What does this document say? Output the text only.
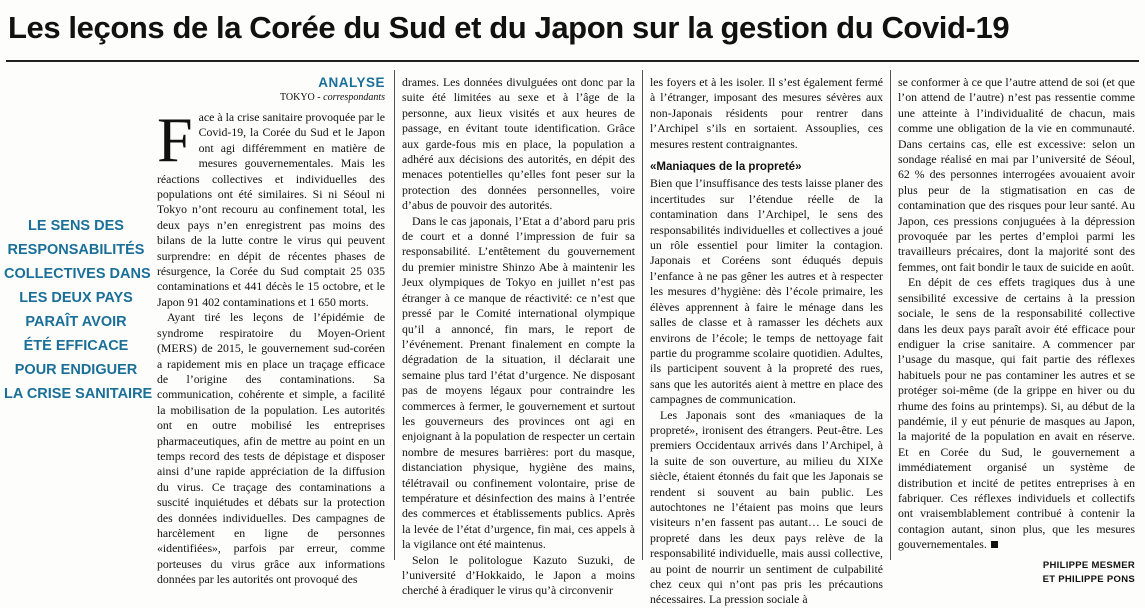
Les leçons de la Corée du Sud et du Japon sur la gestion du Covid-19
LE SENS DES
RESPONSABILITÉS
COLLECTIVES DANS
LES DEUX PAYS
PARAÎT AVOIR
ÉTÉ EFFICACE
POUR ENDIGUER
LA CRISE SANITAIRE
ANALYSE
TOKYO - correspondants

Face à la crise sanitaire provoquée par le Covid-19, la Corée du Sud et le Japon ont agi différemment en matière de mesures gouvernementales. Mais les réactions collectives et individuelles des populations ont été similaires. Si ni Séoul ni Tokyo n’ont recouru au confinement total, les deux pays n’en enregistrent pas moins des bilans de la lutte contre le virus qui peuvent surprendre: en dépit de récentes phases de résurgence, la Corée du Sud comptait 25 035 contaminations et 441 décès le 15 octobre, et le Japon 91 402 contaminations et 1 650 morts.

Ayant tiré les leçons de l’épidémie de syndrome respiratoire du Moyen-Orient (MERS) de 2015, le gouvernement sud-coréen a rapidement mis en place un traçage efficace de l’origine des contaminations. Sa communication, cohérente et simple, a facilité la mobilisation de la population. Les autorités ont en outre mobilisé les entreprises pharmaceutiques, afin de mettre au point en un temps record des tests de dépistage et disposer ainsi d’une rapide appréciation de la diffusion du virus. Ce traçage des contaminations a suscité inquiétudes et débats sur la protection des données individuelles. Des campagnes de harcèlement en ligne de personnes «identifiées», parfois par erreur, comme porteuses du virus grâce aux informations données par les autorités ont provoqué des

drames. Les données divulguées ont donc par la suite été limitées au sexe et à l’âge de la personne, aux lieux visités et aux heures de passage, en évitant toute identification. Grâce aux garde-fous mis en place, la population a adhéré aux décisions des autorités, en dépit des menaces potentielles qu’elles font peser sur la protection des données personnelles, voire d’abus de pouvoir des autorités.

Dans le cas japonais, l’Etat a d’abord paru pris de court et a donné l’impression de fuir sa responsabilité. L’entêtement du gouvernement du premier ministre Shinzo Abe à maintenir les Jeux olympiques de Tokyo en juillet n’est pas étranger à ce manque de réactivité: ce n’est que pressé par le Comité international olympique qu’il a annoncé, fin mars, le report de l’événement. Prenant finalement en compte la dégradation de la situation, il déclarait une semaine plus tard l’état d’urgence. Ne disposant pas de moyens légaux pour contraindre les commerces à fermer, le gouvernement et surtout les gouverneurs des provinces ont agi en enjoignant à la population de respecter un certain nombre de mesures barrières: port du masque, distanciation physique, hygiène des mains, télétravail ou confinement volontaire, prise de température et désinfection des mains à l’entrée des commerces et établissements publics. Après la levée de l’état d’urgence, fin mai, ces appels à la vigilance ont été maintenus.

Selon le politologue Kazuto Suzuki, de l’université d’Hokkaido, le Japon a moins cherché à éradiquer le virus qu’à circonvenir

les foyers et à les isoler. Il s’est également fermé à l’étranger, imposant des mesures sévères aux non-Japonais résidents pour rentrer dans l’Archipel s’ils en sortaient. Assouplies, ces mesures restent contraignantes.

«Maniaques de la propreté»

Bien que l’insuffisance des tests laisse planer des incertitudes sur l’étendue réelle de la contamination dans l’Archipel, le sens des responsabilités individuelles et collectives a joué un rôle essentiel pour limiter la contagion. Japonais et Coréens sont éduqués depuis l’enfance à ne pas gêner les autres et à respecter les mesures d’hygiène: dès l’école primaire, les élèves apprennent à faire le ménage dans les salles de classe et à ramasser les déchets aux environs de l’école; le temps de nettoyage fait partie du programme scolaire quotidien. Adultes, ils participent souvent à la propreté des rues, sans que les autorités aient à mettre en place des campagnes de communication.

Les Japonais sont des «maniaques de la propreté», ironisent des étrangers. Peut-être. Les premiers Occidentaux arrivés dans l’Archipel, à la suite de son ouverture, au milieu du XIXe siècle, étaient étonnés du fait que les Japonais se rendent si souvent au bain public. Les autochtones ne l’étaient pas moins que leurs visiteurs n’en fassent pas autant… Le souci de propreté dans les deux pays relève de la responsabilité individuelle, mais aussi collective, au point de nourrir un sentiment de culpabilité chez ceux qui n’ont pas pris les précautions nécessaires. La pression sociale à

se conformer à ce que l’autre attend de soi (et que l’on attend de l’autre) n’est pas ressentie comme une atteinte à l’individualité de chacun, mais comme une obligation de la vie en communauté. Dans certains cas, elle est excessive: selon un sondage réalisé en mai par l’université de Séoul, 62 % des personnes interrogées avouaient avoir plus peur de la stigmatisation en cas de contamination que des risques pour leur santé. Au Japon, ces pressions conjuguées à la dépression provoquée par les pertes d’emploi parmi les travailleurs précaires, dont la majorité sont des femmes, ont fait bondir le taux de suicide en août.

En dépit de ces effets tragiques dus à une sensibilité excessive de certains à la pression sociale, le sens de la responsabilité collective dans les deux pays paraît avoir été efficace pour endiguer la crise sanitaire. A commencer par l’usage du masque, qui fait partie des réflexes habituels pour ne pas contaminer les autres et se protéger soi-même (de la grippe en hiver ou du rhume des foins au printemps). Si, au début de la pandémie, il y eut pénurie de masques au Japon, la majorité de la population en avait en réserve. Et en Corée du Sud, le gouvernement a immédiatement organisé un système de distribution et incité de petites entreprises à en fabriquer. Ces réflexes individuels et collectifs ont vraisemblablement contribué à contenir la contagion autant, sinon plus, que les mesures gouvernementales.

PHILIPPE MESMER
ET PHILIPPE PONS
